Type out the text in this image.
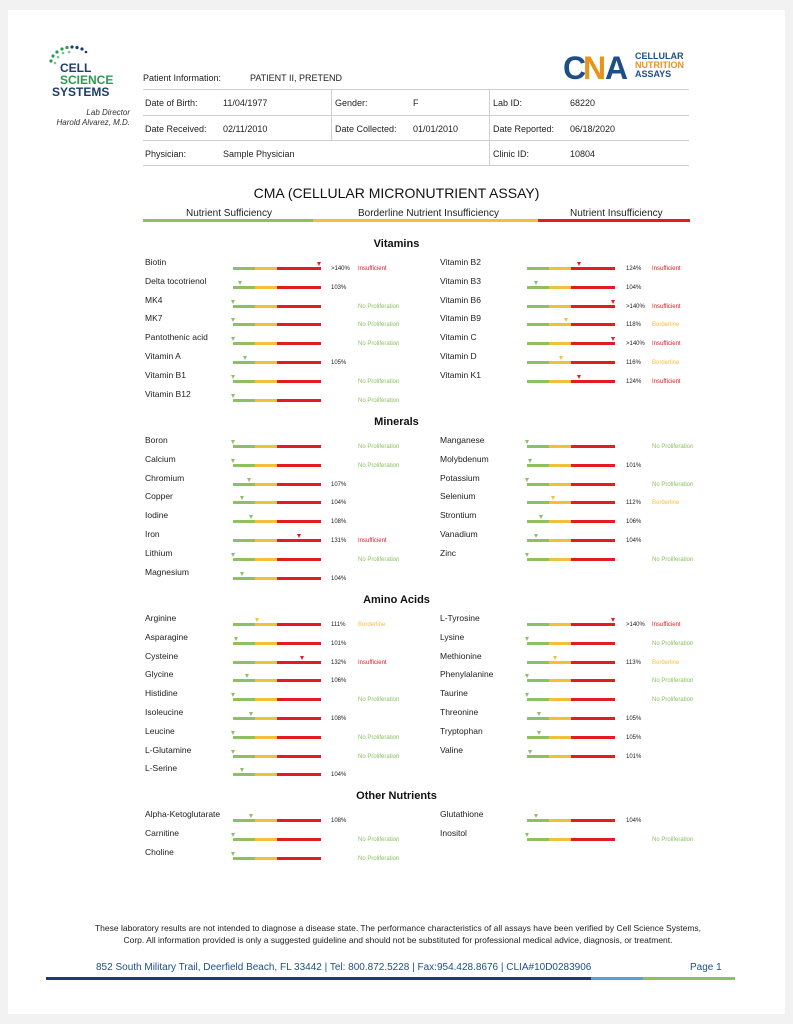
CELL
SCIENCE
SYSTEMS
Lab Director
Harold Alvarez, M.D.
C
N
A CELLULAR
NUTRITION
ASSAYS
Patient Information:	PATIENT II, PRETEND
Date of Birth:	11/04/1977	Gender:	F	Lab ID:	68220
Date Received: 02/11/2010	Date Collected: 01/01/2010	Date Reported: 06/18/2020
Physician:	Sample Physician	Clinic ID:	10804
CMA (CELLULAR MICRONUTRIENT ASSAY)
Nutrient Sufficiency	Borderline Nutrient Insufficiency	Nutrient Insufficiency
Vitamins
Biotin
>140% Insufficient
Delta tocotrienol
103%
MK4
No Proliferation
MK7
No Proliferation
Pantothenic acid
No Proliferation
Vitamin A
105%
Vitamin B1
No Proliferation
Vitamin B12
No Proliferation
Vitamin B2
124% Insufficient
Vitamin B3
104%
Vitamin B6
>140% Insufficient
Vitamin B9
118% Borderline
Vitamin C
>140% Insufficient
Vitamin D
116% Borderline
Vitamin K1
124% Insufficient
Minerals
Boron
No Proliferation
Calcium
No Proliferation
Chromium
107%
Copper
104%
Iodine
108%
Iron
131% Insufficient
Lithium
No Proliferation
Magnesium
104%
Manganese
No Proliferation
Molybdenum
101%
Potassium
No Proliferation
Selenium
112% Borderline
Strontium
106%
Vanadium
104%
Zinc
No Proliferation
Amino Acids
Arginine
111% Borderline
Asparagine
101%
Cysteine
132% Insufficient
Glycine
106%
Histidine
No Proliferation
Isoleucine
108%
Leucine
No Proliferation
L-Glutamine
No Proliferation
L-Serine
104%
L-Tyrosine
>140% Insufficient
Lysine
No Proliferation
Methionine
113% Borderline
Phenylalanine
No Proliferation
Taurine
No Proliferation
Threonine
105%
Tryptophan
105%
Valine
101%
Other Nutrients
Alpha-Ketoglutarate
108%
Carnitine
No Proliferation
Choline
No Proliferation
Glutathione
104%
Inositol
No Proliferation
These laboratory results are not intended to diagnose a disease state. The performance characteristics of all assays have been verified by Cell Science Systems, Corp. All information provided is only a suggested guideline and should not be substituted for professional medical advice, diagnosis, or treatment.
852 South Military Trail, Deerfield Beach, FL 33442 | Tel: 800.872.5228 | Fax:954.428.8676 | CLIA#10D0283906	Page 1
